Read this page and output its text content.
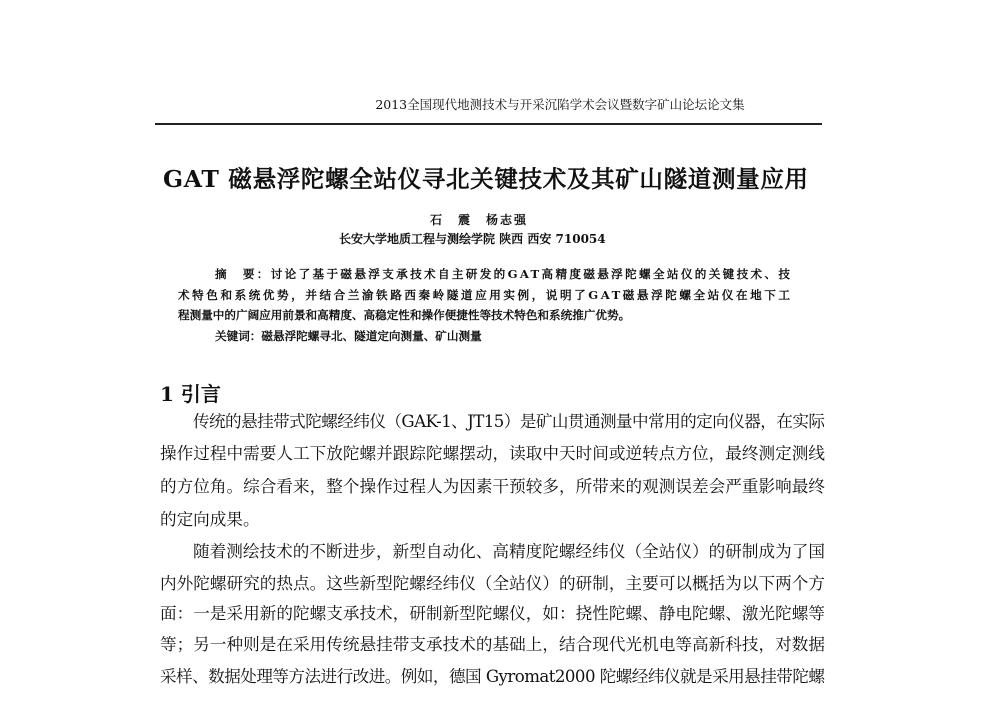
2013全国现代地测技术与开采沉陷学术会议暨数字矿山论坛论文集
GAT 磁悬浮陀螺全站仪寻北关键技术及其矿山隧道测量应用
石　震　杨志强
长安大学地质工程与测绘学院 陕西 西安 710054
摘　要：讨论了基于磁悬浮支承技术自主研发的GAT高精度磁悬浮陀螺全站仪的关键技术、技
术特色和系统优势，并结合兰渝铁路西秦岭隧道应用实例，说明了GAT磁悬浮陀螺全站仪在地下工
程测量中的广阔应用前景和高精度、高稳定性和操作便捷性等技术特色和系统推广优势。
关键词：磁悬浮陀螺寻北、隧道定向测量、矿山测量
1 引言
传统的悬挂带式陀螺经纬仪（GAK-1、JT15）是矿山贯通测量中常用的定向仪器，在实际
操作过程中需要人工下放陀螺并跟踪陀螺摆动，读取中天时间或逆转点方位，最终测定测线
的方位角。综合看来，整个操作过程人为因素干预较多，所带来的观测误差会严重影响最终
的定向成果。
随着测绘技术的不断进步，新型自动化、高精度陀螺经纬仪（全站仪）的研制成为了国
内外陀螺研究的热点。这些新型陀螺经纬仪（全站仪）的研制，主要可以概括为以下两个方
面：一是采用新的陀螺支承技术，研制新型陀螺仪，如：挠性陀螺、静电陀螺、激光陀螺等
等；另一种则是在采用传统悬挂带支承技术的基础上，结合现代光机电等高新科技，对数据
采样、数据处理等方法进行改进。例如，德国 Gyromat2000 陀螺经纬仪就是采用悬挂带陀螺
